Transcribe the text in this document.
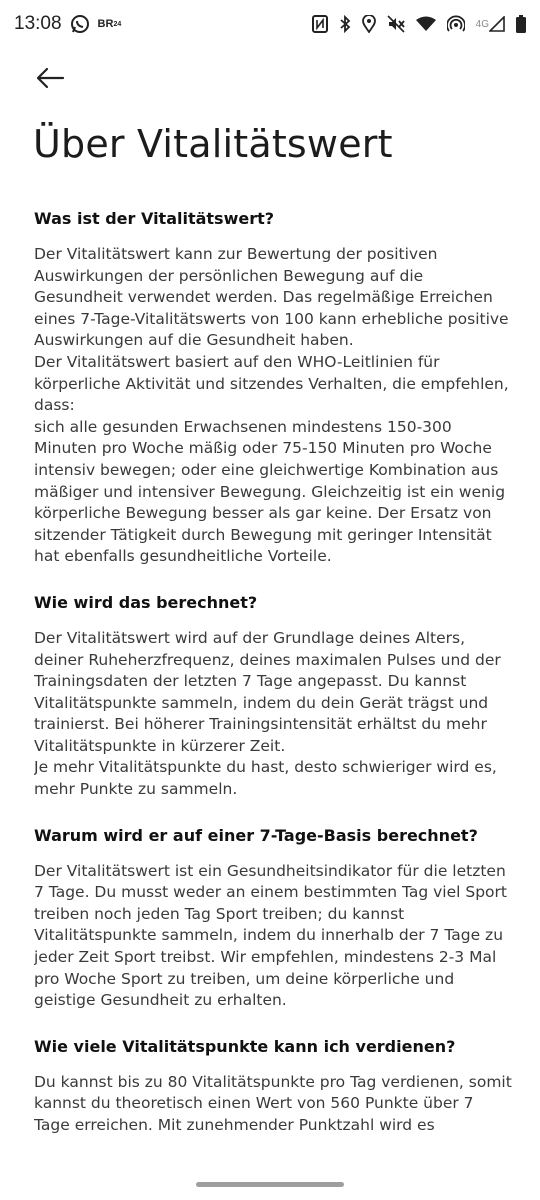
13:08	BR 24	4G
Über Vitalitätswert
Was ist der Vitalitätswert?

Der Vitalitätswert kann zur Bewertung der positiven Auswirkungen der persönlichen Bewegung auf die Gesundheit verwendet werden. Das regelmäßige Erreichen eines 7-Tage-Vitalitätswerts von 100 kann erhebliche positive Auswirkungen auf die Gesundheit haben.
Der Vitalitätswert basiert auf den WHO-Leitlinien für körperliche Aktivität und sitzendes Verhalten, die empfehlen, dass:
sich alle gesunden Erwachsenen mindestens 150-300 Minuten pro Woche mäßig oder 75-150 Minuten pro Woche intensiv bewegen; oder eine gleichwertige Kombination aus mäßiger und intensiver Bewegung. Gleichzeitig ist ein wenig körperliche Bewegung besser als gar keine. Der Ersatz von sitzender Tätigkeit durch Bewegung mit geringer Intensität hat ebenfalls gesundheitliche Vorteile.

Wie wird das berechnet?

Der Vitalitätswert wird auf der Grundlage deines Alters, deiner Ruheherzfrequenz, deines maximalen Pulses und der Trainingsdaten der letzten 7 Tage angepasst. Du kannst Vitalitätspunkte sammeln, indem du dein Gerät trägst und trainierst. Bei höherer Trainingsintensität erhältst du mehr Vitalitätspunkte in kürzerer Zeit.
Je mehr Vitalitätspunkte du hast, desto schwieriger wird es, mehr Punkte zu sammeln.

Warum wird er auf einer 7-Tage-Basis berechnet?

Der Vitalitätswert ist ein Gesundheitsindikator für die letzten 7 Tage. Du musst weder an einem bestimmten Tag viel Sport treiben noch jeden Tag Sport treiben; du kannst Vitalitätspunkte sammeln, indem du innerhalb der 7 Tage zu jeder Zeit Sport treibst. Wir empfehlen, mindestens 2-3 Mal pro Woche Sport zu treiben, um deine körperliche und geistige Gesundheit zu erhalten.

Wie viele Vitalitätspunkte kann ich verdienen?

Du kannst bis zu 80 Vitalitätspunkte pro Tag verdienen, somit kannst du theoretisch einen Wert von 560 Punkte über 7 Tage erreichen. Mit zunehmender Punktzahl wird es
